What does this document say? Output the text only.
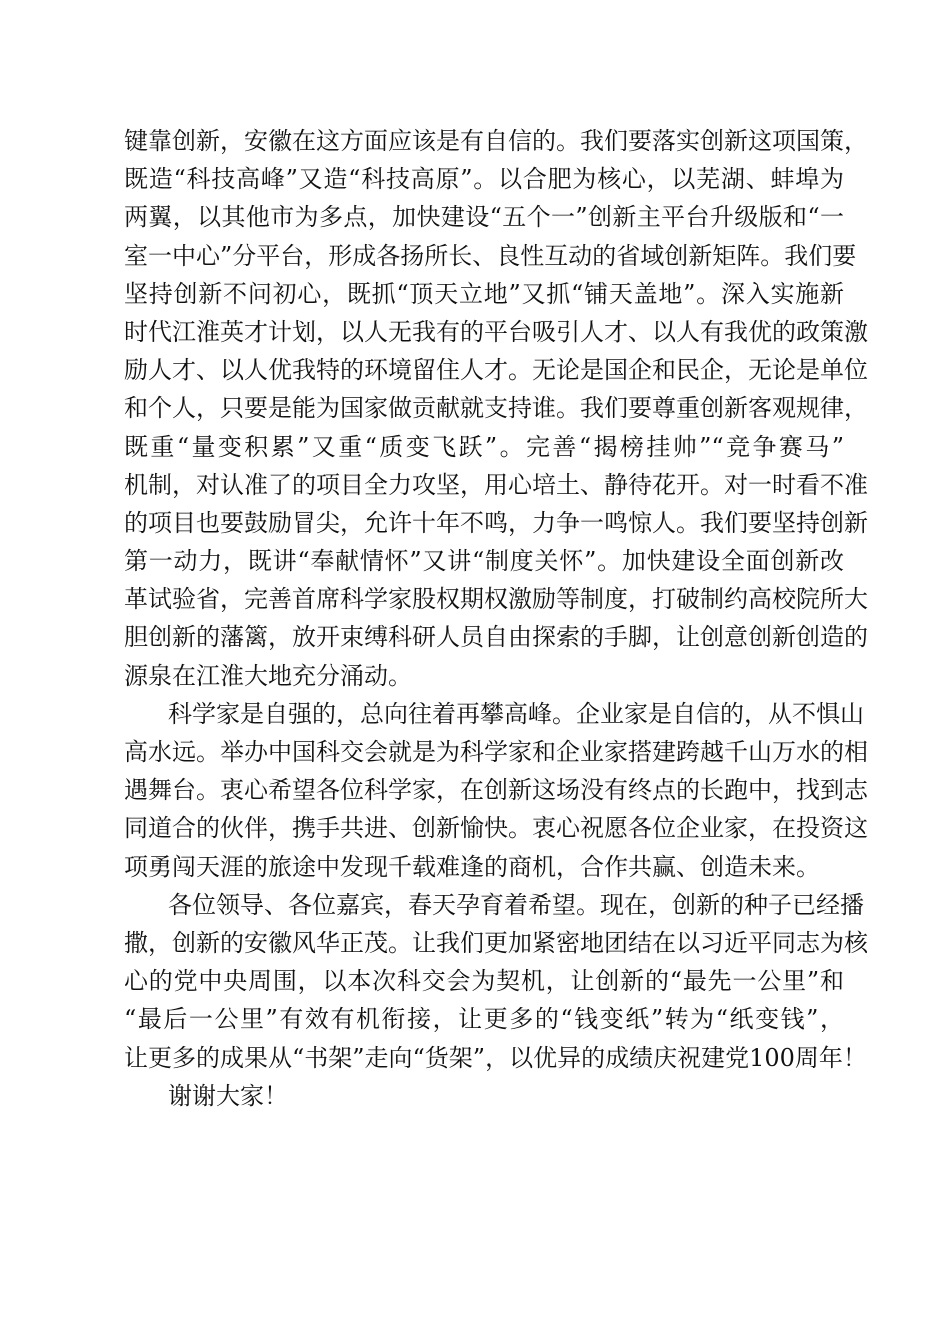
键靠创新，安徽在这方面应该是有自信的。我们要落实创新这项国策，
既造“科技高峰”又造“科技高原”。以合肥为核心，以芜湖、蚌埠为
两翼，以其他市为多点，加快建设“五个一”创新主平台升级版和“一
室一中心”分平台，形成各扬所长、良性互动的省域创新矩阵。我们要
坚持创新不问初心，既抓“顶天立地”又抓“铺天盖地”。深入实施新
时代江淮英才计划，以人无我有的平台吸引人才、以人有我优的政策激
励人才、以人优我特的环境留住人才。无论是国企和民企，无论是单位
和个人，只要是能为国家做贡献就支持谁。我们要尊重创新客观规律，
既重“量变积累”又重“质变飞跃”。完善“揭榜挂帅”“竞争赛马”
机制，对认准了的项目全力攻坚，用心培土、静待花开。对一时看不准
的项目也要鼓励冒尖，允许十年不鸣，力争一鸣惊人。我们要坚持创新
第一动力，既讲“奉献情怀”又讲“制度关怀”。加快建设全面创新改
革试验省，完善首席科学家股权期权激励等制度，打破制约高校院所大
胆创新的藩篱，放开束缚科研人员自由探索的手脚，让创意创新创造的
源泉在江淮大地充分涌动。
科学家是自强的，总向往着再攀高峰。企业家是自信的，从不惧山
高水远。举办中国科交会就是为科学家和企业家搭建跨越千山万水的相
遇舞台。衷心希望各位科学家，在创新这场没有终点的长跑中，找到志
同道合的伙伴，携手共进、创新愉快。衷心祝愿各位企业家，在投资这
项勇闯天涯的旅途中发现千载难逢的商机，合作共赢、创造未来。
各位领导、各位嘉宾，春天孕育着希望。现在，创新的种子已经播
撒，创新的安徽风华正茂。让我们更加紧密地团结在以习近平同志为核
心的党中央周围，以本次科交会为契机，让创新的“最先一公里”和
“最后一公里”有效有机衔接，让更多的“钱变纸”转为“纸变钱”，
让更多的成果从“书架”走向“货架”，以优异的成绩庆祝建党100周年！
谢谢大家！
